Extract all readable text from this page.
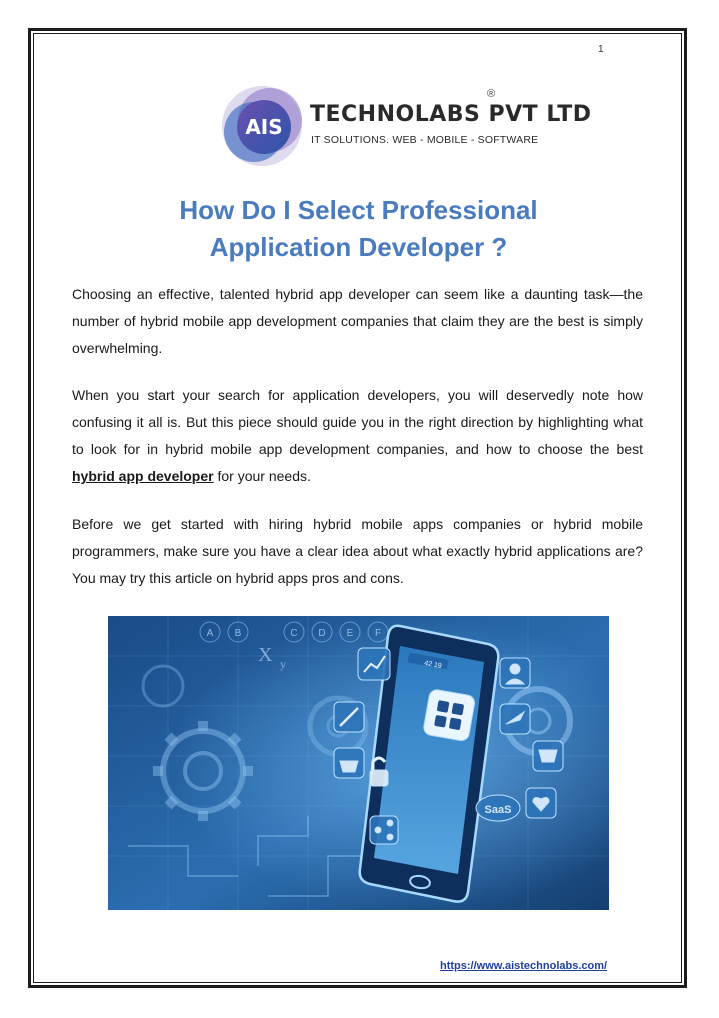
1
AIS TECHNOLABS PVT LTD
IT SOLUTIONS. WEB - MOBILE - SOFTWARE
®
How Do I Select Professional
Application Developer ?

Choosing an effective, talented hybrid app developer can seem like a daunting task—the number of hybrid mobile app development companies that claim they are the best is simply overwhelming.

When you start your search for application developers, you will deservedly note how confusing it all is. But this piece should guide you in the right direction by highlighting what to look for in hybrid mobile app development companies, and how to choose the best hybrid app developer for your needs.

Before we get started with hiring hybrid mobile apps companies or hybrid mobile programmers, make sure you have a clear idea about what exactly hybrid applications are? You may try this article on hybrid apps pros and cons.

A B	C D E F
X y	42 19
SaaS
https://www.aistechnolabs.com/
